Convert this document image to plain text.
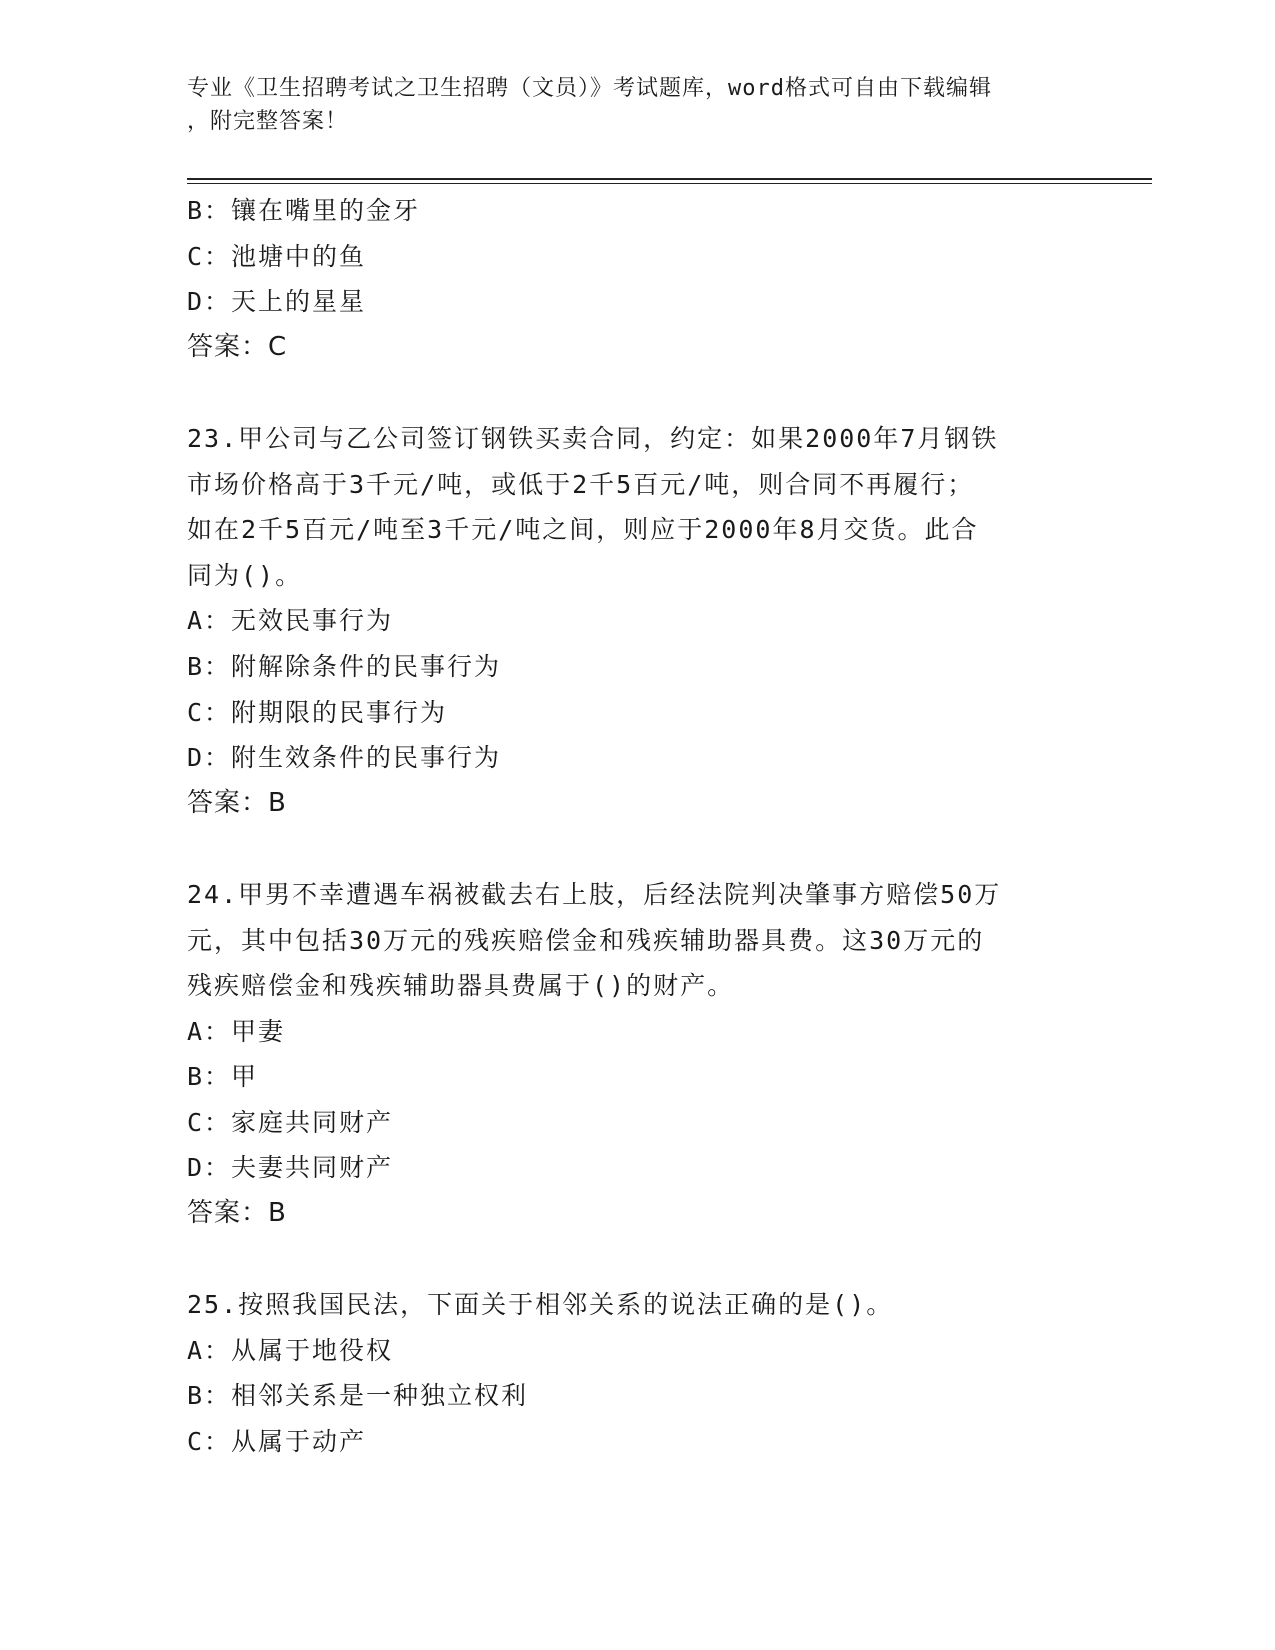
专业《卫生招聘考试之卫生招聘（文员）》考试题库，word格式可自由下载编辑
，附完整答案！
B：镶在嘴里的金牙
C：池塘中的鱼
D：天上的星星
答案：C
23.甲公司与乙公司签订钢铁买卖合同，约定：如果2000年7月钢铁
市场价格高于3千元/吨，或低于2千5百元/吨，则合同不再履行；
如在2千5百元/吨至3千元/吨之间，则应于2000年8月交货。此合
同为()。
A：无效民事行为
B：附解除条件的民事行为
C：附期限的民事行为
D：附生效条件的民事行为
答案：B
24.甲男不幸遭遇车祸被截去右上肢，后经法院判决肇事方赔偿50万
元，其中包括30万元的残疾赔偿金和残疾辅助器具费。这30万元的
残疾赔偿金和残疾辅助器具费属于()的财产。
A：甲妻
B：甲
C：家庭共同财产
D：夫妻共同财产
答案：B
25.按照我国民法，下面关于相邻关系的说法正确的是()。
A：从属于地役权
B：相邻关系是一种独立权利
C：从属于动产
